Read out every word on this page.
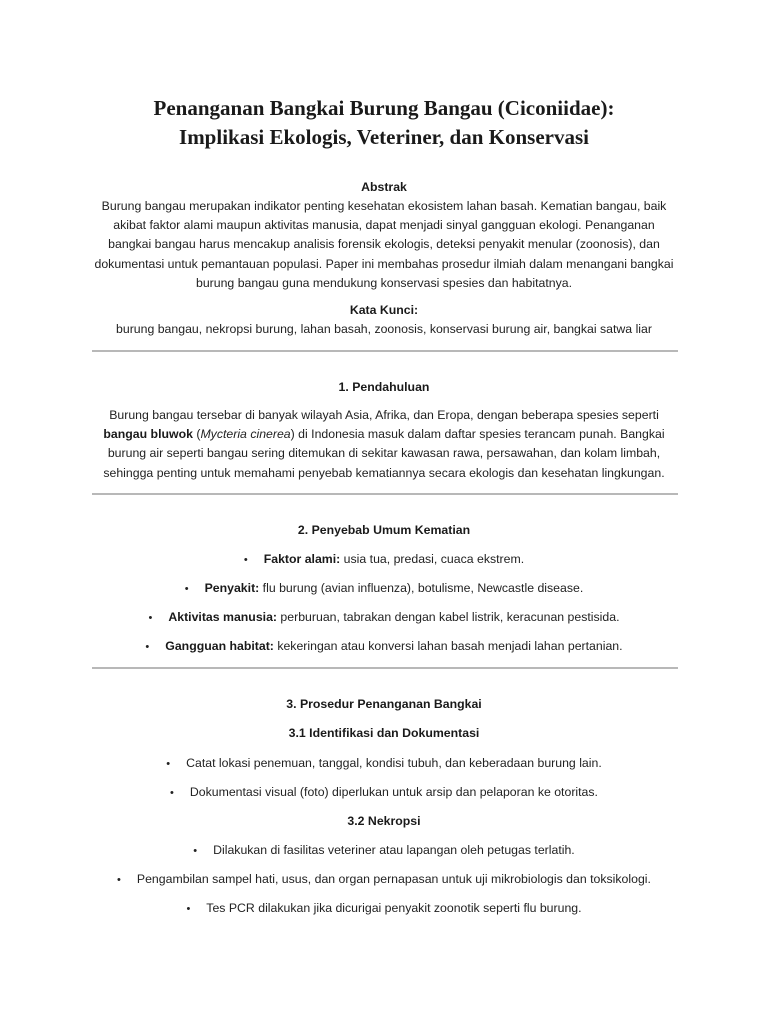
Penanganan Bangkai Burung Bangau (Ciconiidae):
Implikasi Ekologis, Veteriner, dan Konservasi
Abstrak

Burung bangau merupakan indikator penting kesehatan ekosistem lahan basah. Kematian bangau, baik akibat faktor alami maupun aktivitas manusia, dapat menjadi sinyal gangguan ekologi. Penanganan bangkai bangau harus mencakup analisis forensik ekologis, deteksi penyakit menular (zoonosis), dan dokumentasi untuk pemantauan populasi. Paper ini membahas prosedur ilmiah dalam menangani bangkai burung bangau guna mendukung konservasi spesies dan habitatnya.

Kata Kunci:

burung bangau, nekropsi burung, lahan basah, zoonosis, konservasi burung air, bangkai satwa liar

1. Pendahuluan

Burung bangau tersebar di banyak wilayah Asia, Afrika, dan Eropa, dengan beberapa spesies seperti bangau bluwok (Mycteria cinerea) di Indonesia masuk dalam daftar spesies terancam punah. Bangkai burung air seperti bangau sering ditemukan di sekitar kawasan rawa, persawahan, dan kolam limbah, sehingga penting untuk memahami penyebab kematiannya secara ekologis dan kesehatan lingkungan.

2. Penyebab Umum Kematian
• Faktor alami: usia tua, predasi, cuaca ekstrem.
• Penyakit: flu burung (avian influenza), botulisme, Newcastle disease.
• Aktivitas manusia: perburuan, tabrakan dengan kabel listrik, keracunan pestisida.
• Gangguan habitat: kekeringan atau konversi lahan basah menjadi lahan pertanian.
3. Prosedur Penanganan Bangkai
3.1 Identifikasi dan Dokumentasi
• Catat lokasi penemuan, tanggal, kondisi tubuh, dan keberadaan burung lain.
• Dokumentasi visual (foto) diperlukan untuk arsip dan pelaporan ke otoritas.
3.2 Nekropsi
• Dilakukan di fasilitas veteriner atau lapangan oleh petugas terlatih.
• Pengambilan sampel hati, usus, dan organ pernapasan untuk uji mikrobiologis dan toksikologi.
• Tes PCR dilakukan jika dicurigai penyakit zoonotik seperti flu burung.
